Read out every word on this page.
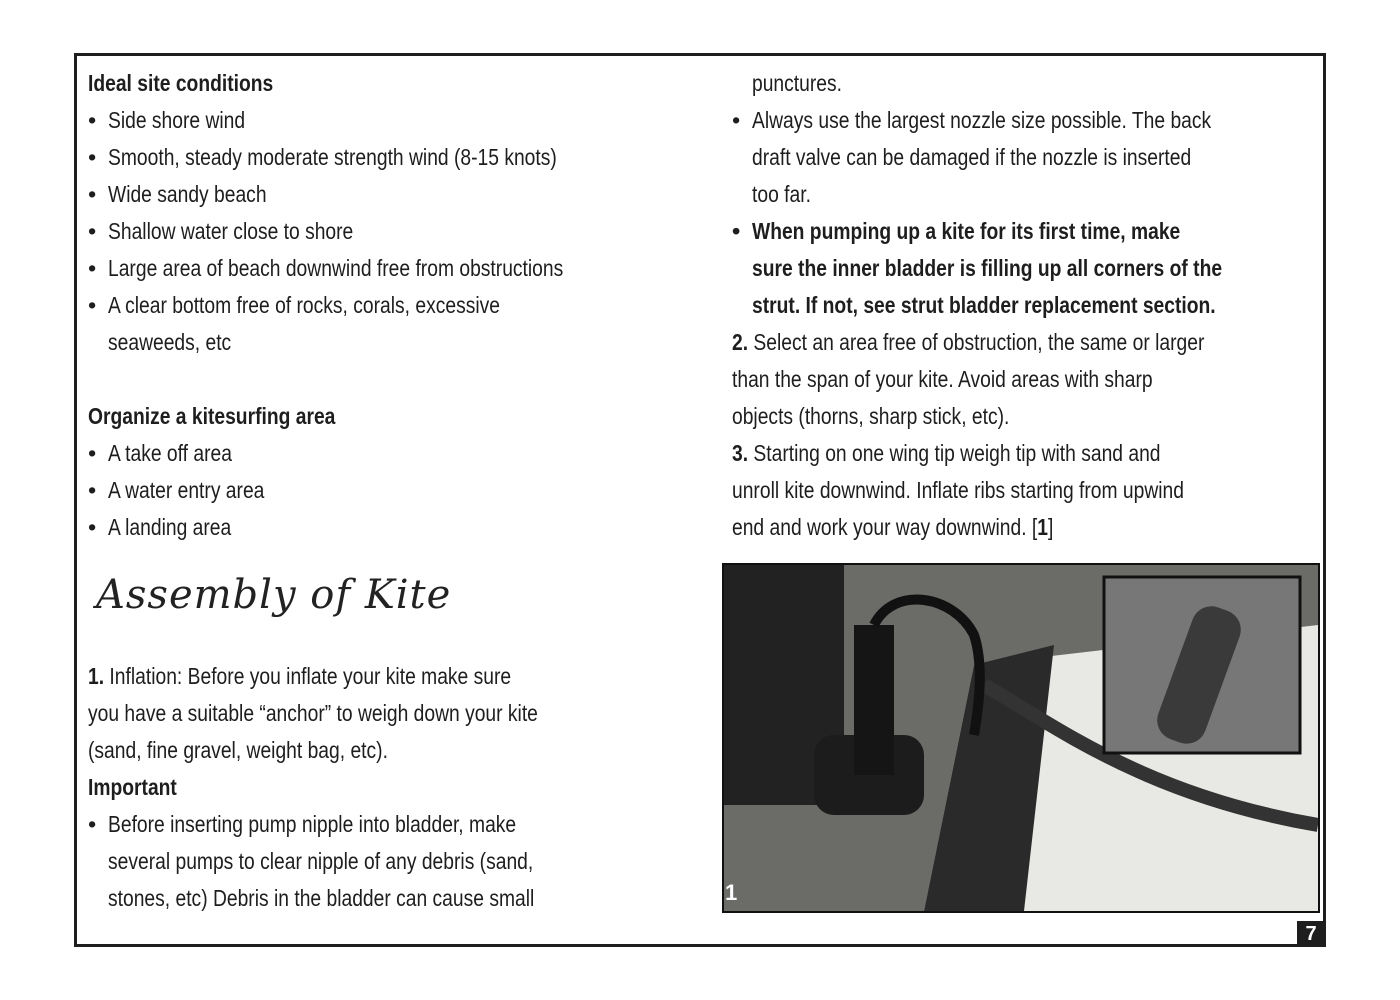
Ideal site conditions
• Side shore wind
• Smooth, steady moderate strength wind (8-15 knots)
• Wide sandy beach
• Shallow water close to shore
• Large area of beach downwind free from obstructions
• A clear bottom free of rocks, corals, excessive
seaweeds, etc
Organize a kitesurfing area
• A take off area
• A water entry area
• A landing area
Assembly of Kite
1. Inflation: Before you inflate your kite make sure
you have a suitable “anchor” to weigh down your kite
(sand, fine gravel, weight bag, etc).
Important
• Before inserting pump nipple into bladder, make
several pumps to clear nipple of any debris (sand,
stones, etc) Debris in the bladder can cause small
punctures.
• Always use the largest nozzle size possible. The back
draft valve can be damaged if the nozzle is inserted
too far.
• When pumping up a kite for its first time, make
sure the inner bladder is filling up all corners of the
strut. If not, see strut bladder replacement section.
2. Select an area free of obstruction, the same or larger
than the span of your kite. Avoid areas with sharp
objects (thorns, sharp stick, etc).
3. Starting on one wing tip weigh tip with sand and
unroll kite downwind. Inflate ribs starting from upwind
end and work your way downwind. [1]
1
7
